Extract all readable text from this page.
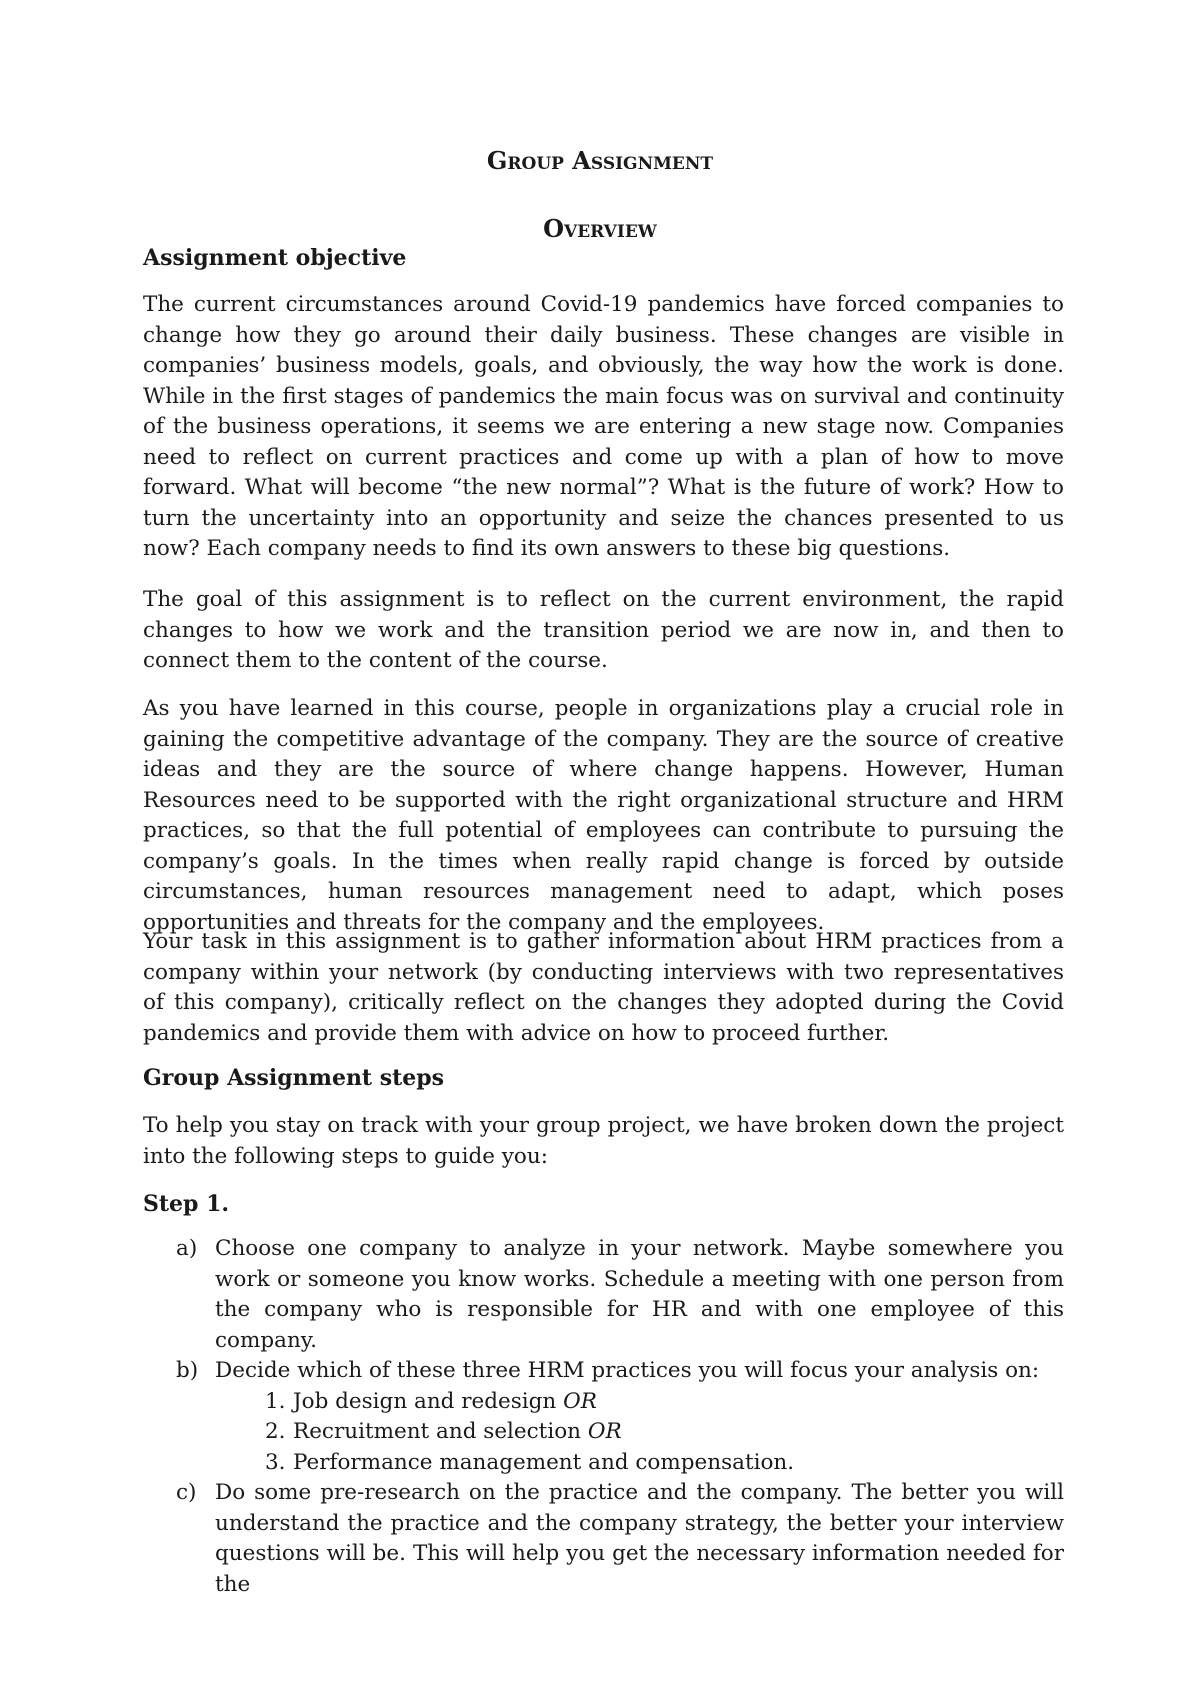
Group Assignment
Overview
Assignment objective

The current circumstances around Covid-19 pandemics have forced companies to change how they go around their daily business. These changes are visible in companies’ business models, goals, and obviously, the way how the work is done. While in the first stages of pandemics the main focus was on survival and continuity of the business operations, it seems we are entering a new stage now. Companies need to reflect on current practices and come up with a plan of how to move forward. What will become “the new normal”? What is the future of work? How to turn the uncertainty into an opportunity and seize the chances presented to us now? Each company needs to find its own answers to these big questions.

The goal of this assignment is to reflect on the current environment, the rapid changes to how we work and the transition period we are now in, and then to connect them to the content of the course.

As you have learned in this course, people in organizations play a crucial role in gaining the competitive advantage of the company. They are the source of creative ideas and they are the source of where change happens. However, Human Resources need to be supported with the right organizational structure and HRM practices, so that the full potential of employees can contribute to pursuing the company’s goals. In the times when really rapid change is forced by outside circumstances, human resources management need to adapt, which poses opportunities and threats for the company and the employees.

Your task in this assignment is to gather information about HRM practices from a company within your network (by conducting interviews with two representatives of this company), critically reflect on the changes they adopted during the Covid pandemics and provide them with advice on how to proceed further.

Group Assignment steps

To help you stay on track with your group project, we have broken down the project into the following steps to guide you:

Step 1.
a) Choose one company to analyze in your network. Maybe somewhere you work or someone you know works. Schedule a meeting with one person from the company who is responsible for HR and with one employee of this company.
b) Decide which of these three HRM practices you will focus your analysis on:
1. Job design and redesign OR
2. Recruitment and selection OR
3. Performance management and compensation.
c) Do some pre-research on the practice and the company. The better you will understand the practice and the company strategy, the better your interview questions will be. This will help you get the necessary information needed for the
